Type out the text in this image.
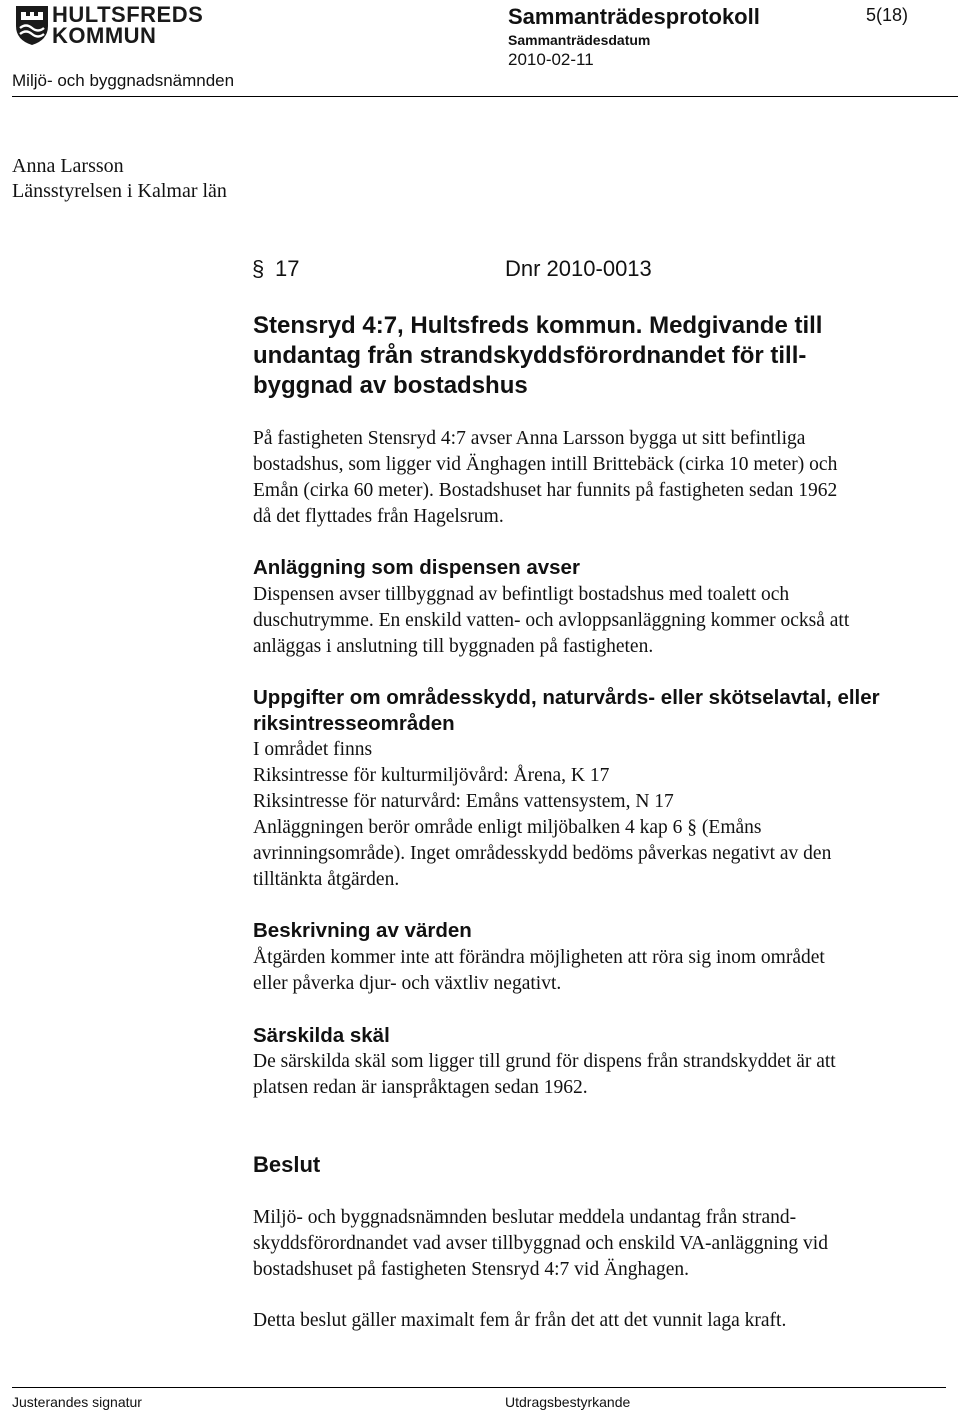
HULTSFREDS
KOMMUN
Sammanträdesprotokoll	5(18)
Sammanträdesdatum
2010-02-11
Miljö- och byggnadsnämnden
Anna Larsson
Länsstyrelsen i Kalmar län
§ 17	Dnr 2010-0013
Stensryd 4:7, Hultsfreds kommun. Medgivande till
undantag från strandskyddsförordnandet för till-
byggnad av bostadshus
På fastigheten Stensryd 4:7 avser Anna Larsson bygga ut sitt befintliga
bostadshus, som ligger vid Änghagen intill Brittebäck (cirka 10 meter) och
Emån (cirka 60 meter). Bostadshuset har funnits på fastigheten sedan 1962
då det flyttades från Hagelsrum.
Anläggning som dispensen avser
Dispensen avser tillbyggnad av befintligt bostadshus med toalett och
duschutrymme. En enskild vatten- och avloppsanläggning kommer också att
anläggas i anslutning till byggnaden på fastigheten.
Uppgifter om områdesskydd, naturvårds- eller skötselavtal, eller
riksintresseområden
I området finns
Riksintresse för kulturmiljövård: Årena, K 17
Riksintresse för naturvård: Emåns vattensystem, N 17
Anläggningen berör område enligt miljöbalken 4 kap 6 § (Emåns
avrinningsområde). Inget områdesskydd bedöms påverkas negativt av den
tilltänkta åtgärden.
Beskrivning av värden
Åtgärden kommer inte att förändra möjligheten att röra sig inom området
eller påverka djur- och växtliv negativt.
Särskilda skäl
De särskilda skäl som ligger till grund för dispens från strandskyddet är att
platsen redan är ianspråktagen sedan 1962.
Beslut
Miljö- och byggnadsnämnden beslutar meddela undantag från strand-
skyddsförordnandet vad avser tillbyggnad och enskild VA-anläggning vid
bostadshuset på fastigheten Stensryd 4:7 vid Änghagen.
Detta beslut gäller maximalt fem år från det att det vunnit laga kraft.
Justerandes signatur	Utdragsbestyrkande
